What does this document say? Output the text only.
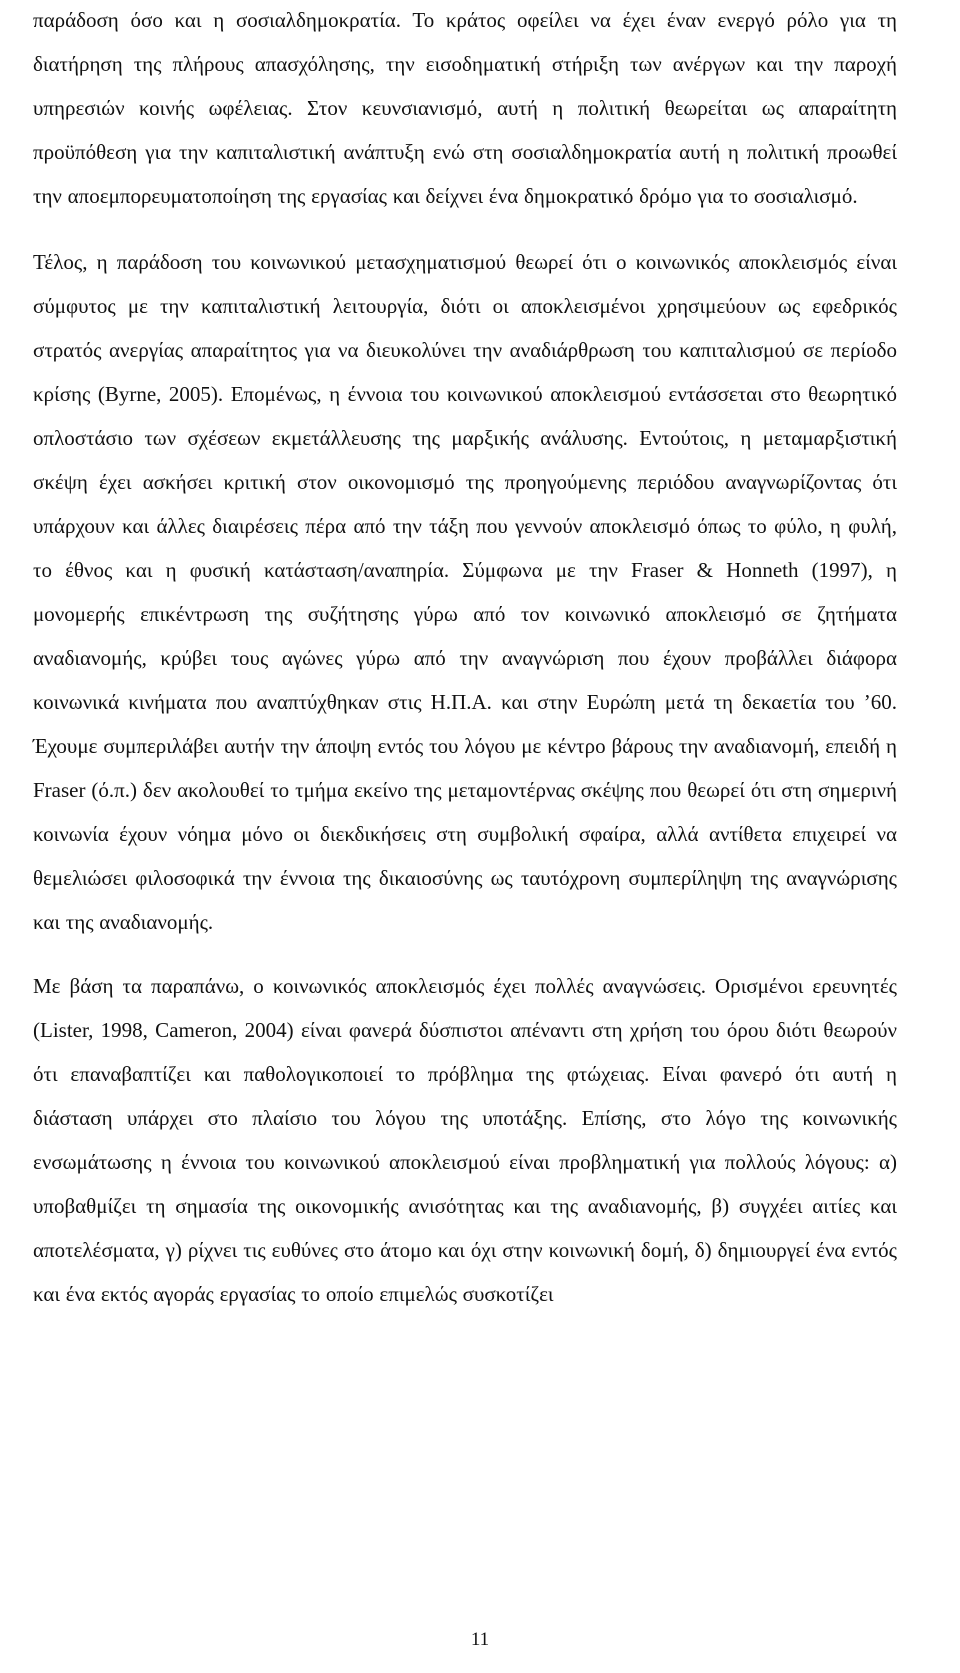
παράδοση όσο και η σοσιαλδημοκρατία. Το κράτος οφείλει να έχει έναν ενεργό ρόλο για τη διατήρηση της πλήρους απασχόλησης, την εισοδηματική στήριξη των ανέργων και την παροχή υπηρεσιών κοινής ωφέλειας. Στον κευνσιανισμό, αυτή η πολιτική θεωρείται ως απαραίτητη προϋπόθεση για την καπιταλιστική ανάπτυξη ενώ στη σοσιαλδημοκρατία αυτή η πολιτική προωθεί την αποεμπορευματοποίηση της εργασίας και δείχνει ένα δημοκρατικό δρόμο για το σοσιαλισμό.

Τέλος, η παράδοση του κοινωνικού μετασχηματισμού θεωρεί ότι ο κοινωνικός αποκλεισμός είναι σύμφυτος με την καπιταλιστική λειτουργία, διότι οι αποκλεισμένοι χρησιμεύουν ως εφεδρικός στρατός ανεργίας απαραίτητος για να διευκολύνει την αναδιάρθρωση του καπιταλισμού σε περίοδο κρίσης (Byrne, 2005). Επομένως, η έννοια του κοινωνικού αποκλεισμού εντάσσεται στο θεωρητικό οπλοστάσιο των σχέσεων εκμετάλλευσης της μαρξικής ανάλυσης. Εντούτοις, η μεταμαρξιστική σκέψη έχει ασκήσει κριτική στον οικονομισμό της προηγούμενης περιόδου αναγνωρίζοντας ότι υπάρχουν και άλλες διαιρέσεις πέρα από την τάξη που γεννούν αποκλεισμό όπως το φύλο, η φυλή, το έθνος και η φυσική κατάσταση/αναπηρία. Σύμφωνα με την Fraser & Honneth (1997), η μονομερής επικέντρωση της συζήτησης γύρω από τον κοινωνικό αποκλεισμό σε ζητήματα αναδιανομής, κρύβει τους αγώνες γύρω από την αναγνώριση που έχουν προβάλλει διάφορα κοινωνικά κινήματα που αναπτύχθηκαν στις Η.Π.Α. και στην Ευρώπη μετά τη δεκαετία του ’60. Έχουμε συμπεριλάβει αυτήν την άποψη εντός του λόγου με κέντρο βάρους την αναδιανομή, επειδή η Fraser (ό.π.) δεν ακολουθεί το τμήμα εκείνο της μεταμοντέρνας σκέψης που θεωρεί ότι στη σημερινή κοινωνία έχουν νόημα μόνο οι διεκδικήσεις στη συμβολική σφαίρα, αλλά αντίθετα επιχειρεί να θεμελιώσει φιλοσοφικά την έννοια της δικαιοσύνης ως ταυτόχρονη συμπερίληψη της αναγνώρισης και της αναδιανομής.

Με βάση τα παραπάνω, ο κοινωνικός αποκλεισμός έχει πολλές αναγνώσεις. Ορισμένοι ερευνητές (Lister, 1998, Cameron, 2004) είναι φανερά δύσπιστοι απέναντι στη χρήση του όρου διότι θεωρούν ότι επαναβαπτίζει και παθολογικοποιεί το πρόβλημα της φτώχειας. Είναι φανερό ότι αυτή η διάσταση υπάρχει στο πλαίσιο του λόγου της υποτάξης. Επίσης, στο λόγο της κοινωνικής ενσωμάτωσης η έννοια του κοινωνικού αποκλεισμού είναι προβληματική για πολλούς λόγους: α) υποβαθμίζει τη σημασία της οικονομικής ανισότητας και της αναδιανομής, β) συγχέει αιτίες και αποτελέσματα, γ) ρίχνει τις ευθύνες στο άτομο και όχι στην κοινωνική δομή, δ) δημιουργεί ένα εντός και ένα εκτός αγοράς εργασίας το οποίο επιμελώς συσκοτίζει

11
